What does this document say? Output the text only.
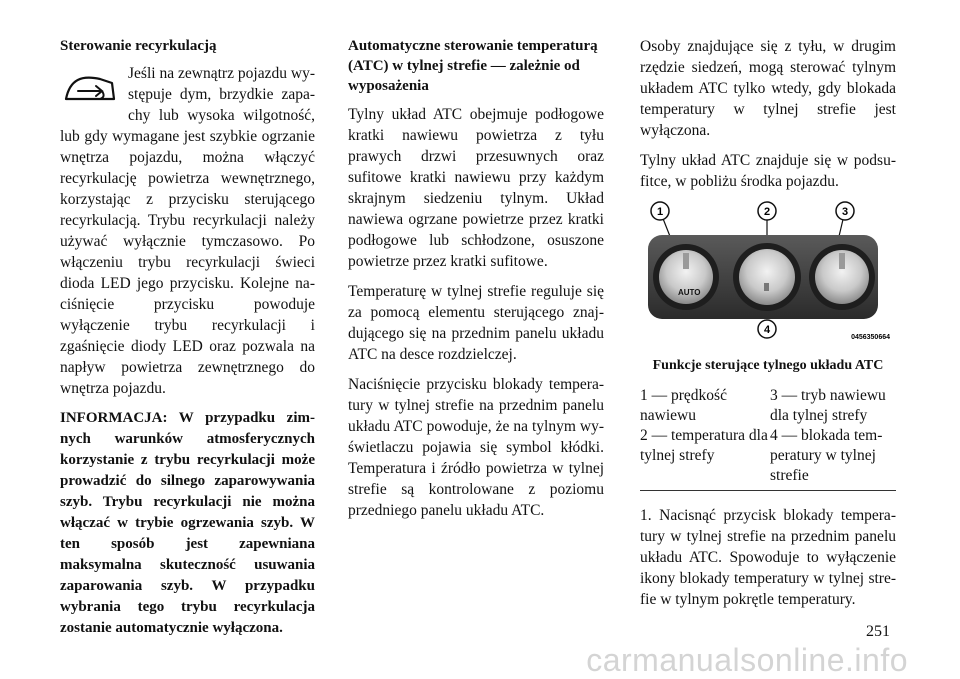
Sterowanie recyrkulacją

Jeśli na zewnątrz pojazdu występuje dym, brzydkie zapachy lub wysoka wilgotność, lub gdy wymagane jest szybkie ogrzanie wnętrza pojazdu, można włączyć recyrkulację powietrza wewnętrznego, korzystając z przycisku sterującego recyrkulacją. Trybu recyrkulacji należy używać wyłącznie tymczasowo. Po włączeniu trybu recyrkulacji świeci dioda LED jego przycisku. Kolejne naciśnięcie przycisku powoduje wyłączenie trybu recyrkulacji i zgaśnięcie diody LED oraz pozwala na napływ powietrza zewnętrznego do wnętrza pojazdu.

INFORMACJA: W przypadku zimnych warunków atmosferycznych korzystanie z trybu recyrkulacji może prowadzić do silnego zaparowywania szyb. Trybu recyrkulacji nie można włączać w trybie ogrzewania szyb. W ten sposób jest zapewniana maksymalna skuteczność usuwania zaparowania szyb. W przypadku wybrania tego trybu recyrkulacja zostanie automatycznie wyłączona.
Automatyczne sterowanie temperaturą (ATC) w tylnej strefie — zależnie od wyposażenia

Tylny układ ATC obejmuje podłogowe kratki nawiewu powietrza z tyłu prawych drzwi przesuwnych oraz sufitowe kratki nawiewu przy każdym skrajnym siedzeniu tylnym. Układ nawiewa ogrzane powietrze przez kratki podłogowe lub schłodzone, osuszone powietrze przez kratki sufitowe.

Temperaturę w tylnej strefie reguluje się za pomocą elementu sterującego znajdującego się na przednim panelu układu ATC na desce rozdzielczej.

Naciśnięcie przycisku blokady temperatury w tylnej strefie na przednim panelu układu ATC powoduje, że na tylnym wyświetlaczu pojawia się symbol kłódki. Temperatura i źródło powietrza w tylnej strefie są kontrolowane z poziomu przedniego panelu układu ATC.

Osoby znajdujące się z tyłu, w drugim rzędzie siedzeń, mogą sterować tylnym układem ATC tylko wtedy, gdy blokada temperatury w tylnej strefie jest wyłączona.

Tylny układ ATC znajduje się w podsufitce, w pobliżu środka pojazdu.

AUTO
1	2	3
4
0456350664
Funkcje sterujące tylnego układu ATC
1 — prędkość nawiewu
3 — tryb nawiewu dla tylnej strefy
2 — temperatura dla tylnej strefy
4 — blokada temperatury w tylnej strefie

1. Nacisnąć przycisk blokady temperatury w tylnej strefie na przednim panelu układu ATC. Spowoduje to wyłączenie ikony blokady temperatury w tylnej strefie w tylnym pokrętle temperatury.

251
carmanualsonline.info
